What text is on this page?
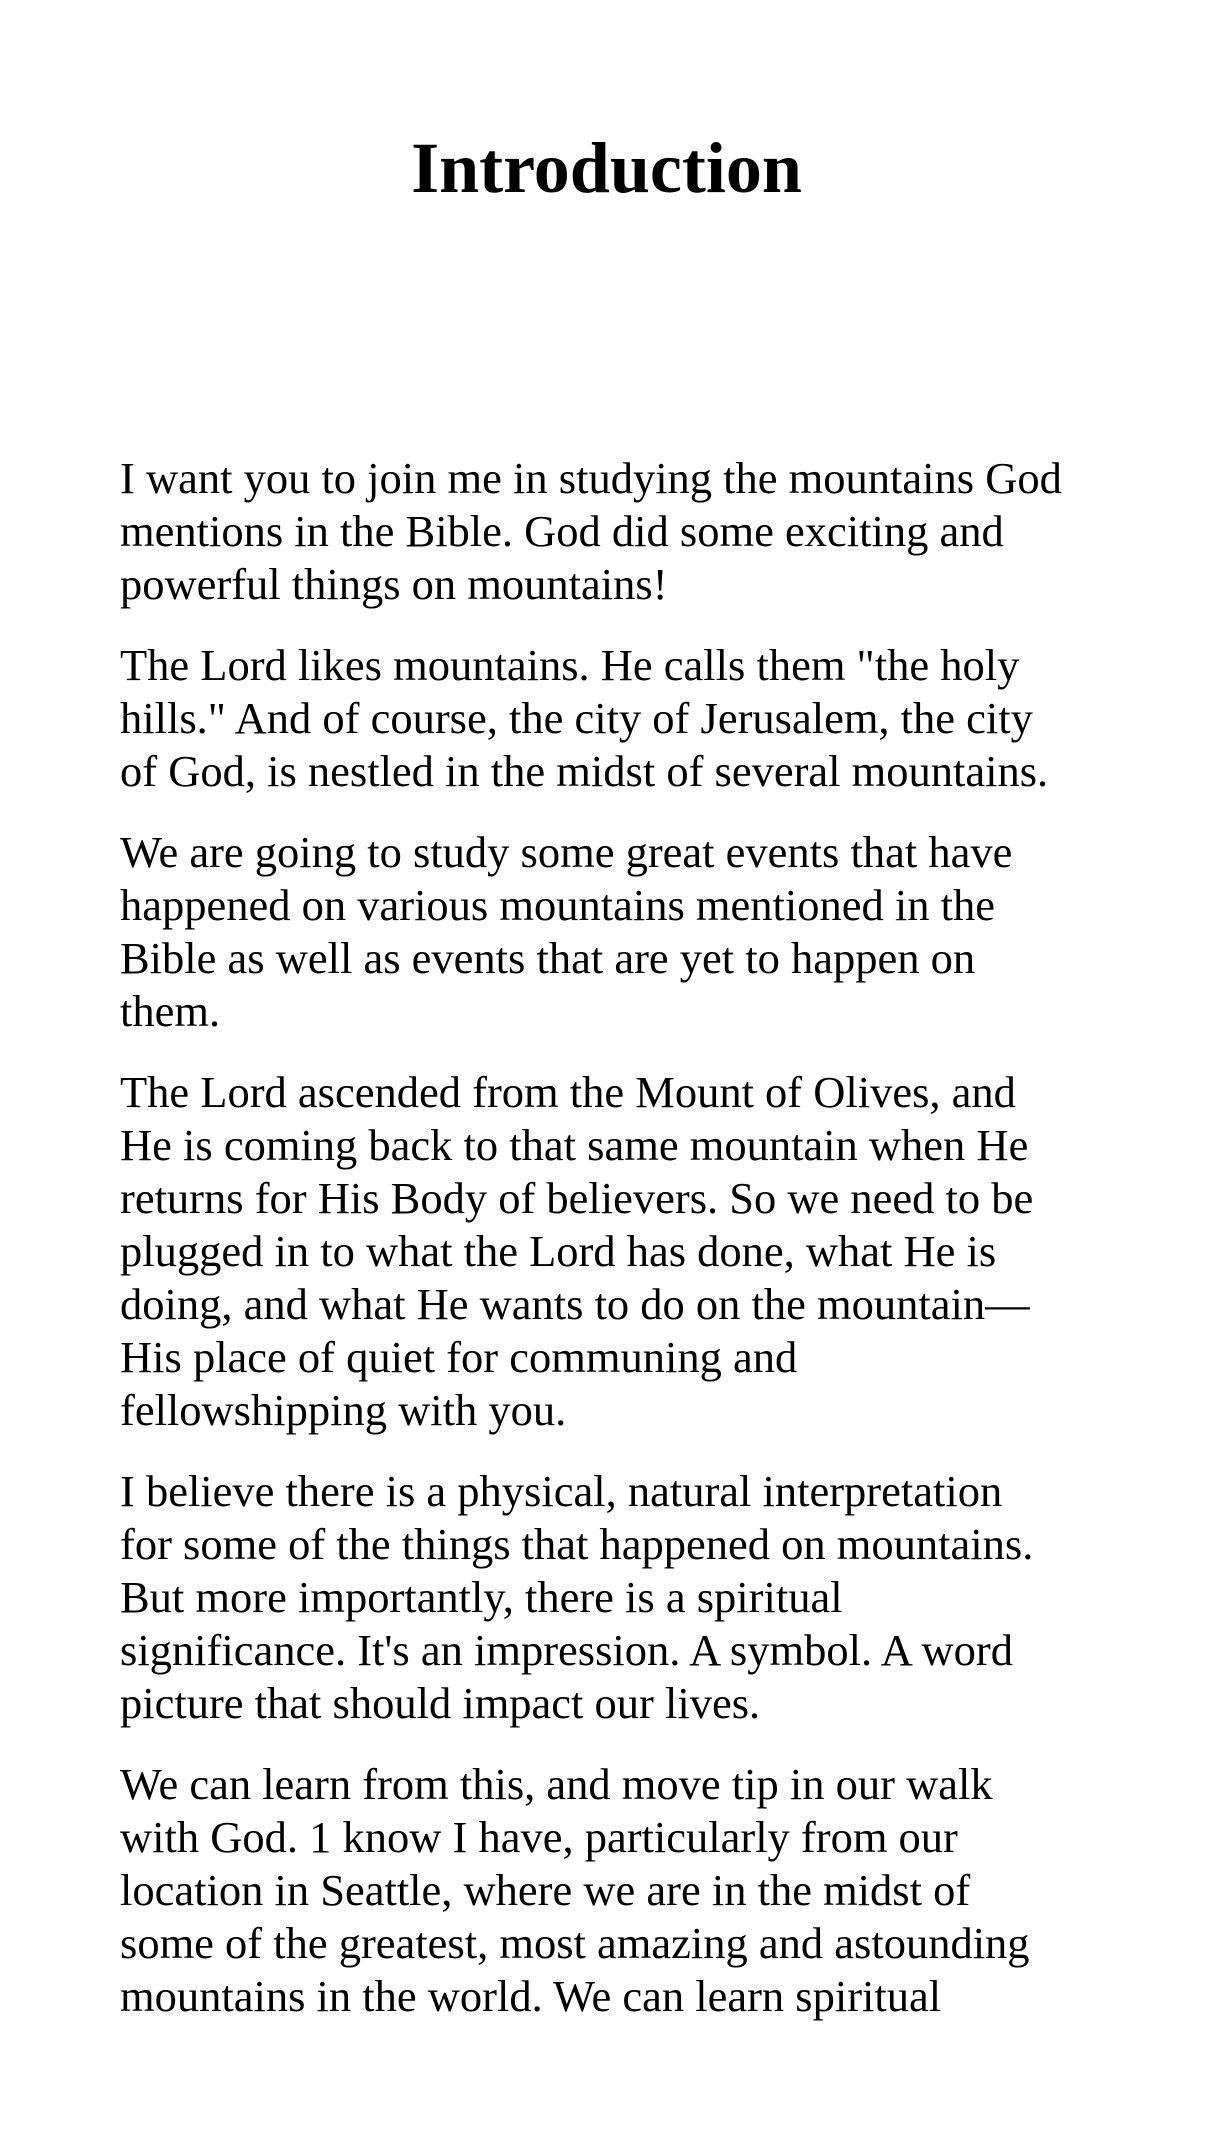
Introduction

I want you to join me in studying the mountains God
mentions in the Bible. God did some exciting and
powerful things on mountains!

The Lord likes mountains. He calls them "the holy
hills." And of course, the city of Jerusalem, the city
of God, is nestled in the midst of several mountains.

We are going to study some great events that have
happened on various mountains mentioned in the
Bible as well as events that are yet to happen on
them.

The Lord ascended from the Mount of Olives, and
He is coming back to that same mountain when He
returns for His Body of believers. So we need to be
plugged in to what the Lord has done, what He is
doing, and what He wants to do on the mountain—
His place of quiet for communing and
fellowshipping with you.

I believe there is a physical, natural interpretation
for some of the things that happened on mountains.
But more importantly, there is a spiritual
significance. It's an impression. A symbol. A word
picture that should impact our lives.

We can learn from this, and move tip in our walk
with God. 1 know I have, particularly from our
location in Seattle, where we are in the midst of
some of the greatest, most amazing and astounding
mountains in the world. We can learn spiritual
